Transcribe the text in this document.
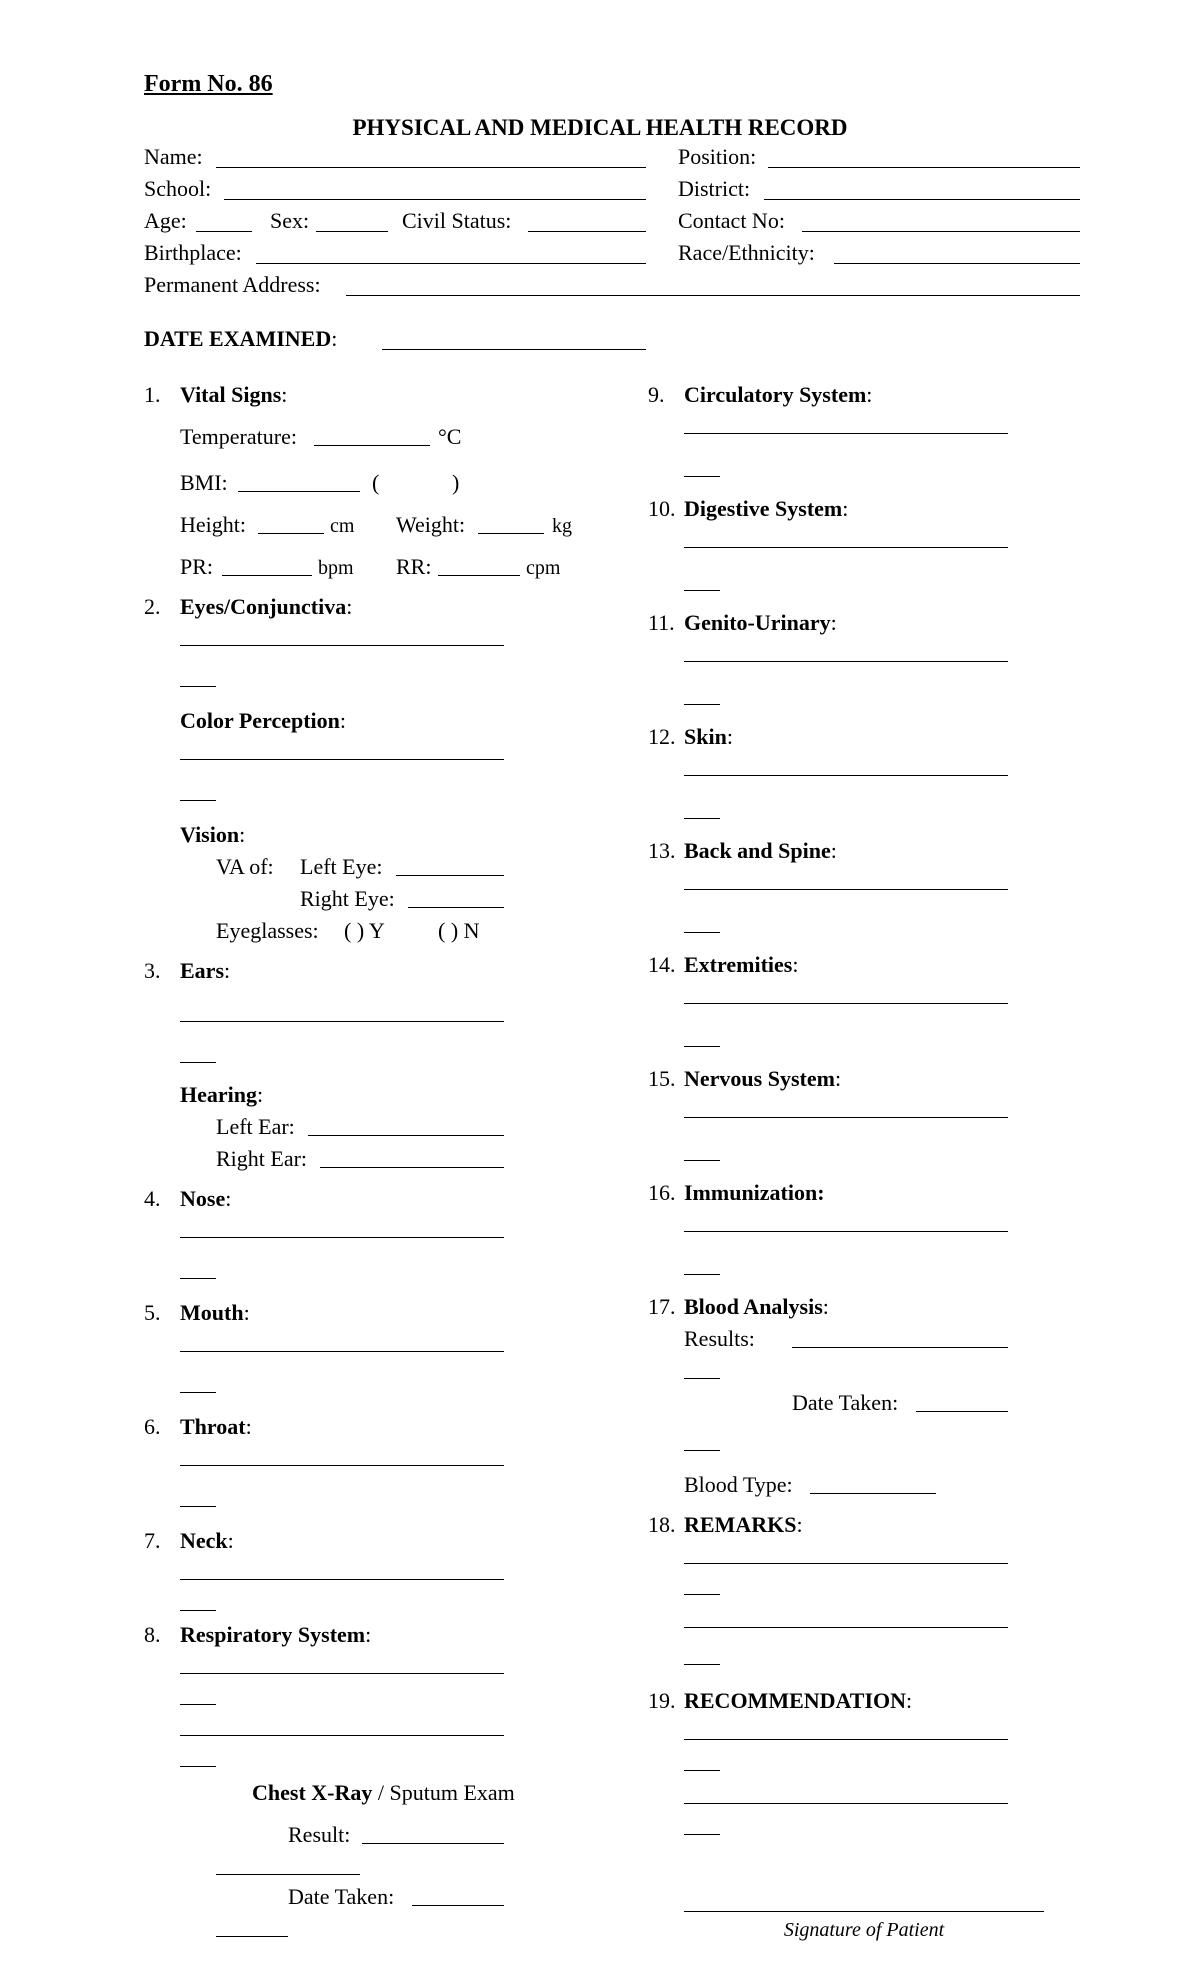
Form No. 86
PHYSICAL AND MEDICAL HEALTH RECORD
Name:	Position:
School:	District:
Age:	Sex:	Civil Status:	Contact No:
Birthplace:	Race/Ethnicity:
Permanent Address:
DATE EXAMINED:
1. Vital Signs:
Temperature:	°C
BMI:	(	)
Height:	cm Weight:	kg
PR:	bpm RR:	cpm
2. Eyes/Conjunctiva:
Color Perception:
Vision:
VA of: Left Eye:
Right Eye:
Eyeglasses: ( ) Y ( ) N
3. Ears:
Hearing:
Left Ear:
Right Ear:
4. Nose:
5. Mouth:
6. Throat:
7. Neck:
8. Respiratory System:
Chest X-Ray / Sputum Exam
Result:
Date Taken:
9. Circulatory System:
10. Digestive System:
11. Genito-Urinary:
12. Skin:
13. Back and Spine:
14. Extremities:
15. Nervous System:
16. Immunization:
17. Blood Analysis:
Results:
Date Taken:
Blood Type:
18. REMARKS:
19. RECOMMENDATION:
Signature of Patient
